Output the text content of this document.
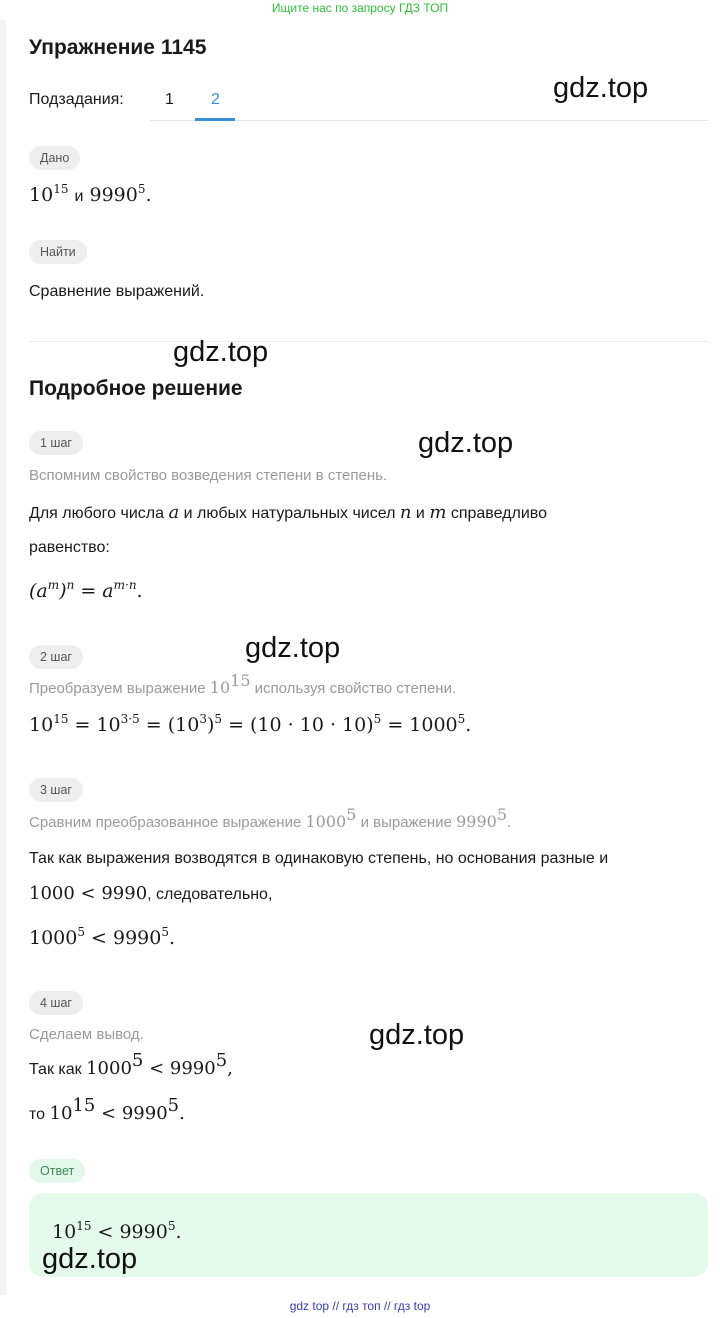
Ищите нас по запросу ГДЗ ТОП
Упражнение 1145
Подзадания:	1 2	gdz.top
Дано
$10^{15}$ и 9990$^5$.
Найти
Сравнение выражений.
gdz.top
Подробное решение
1 шаг	gdz.top
Вспомним свойство возведения степени в степень.
Для любого числа a и любых натуральных чисел n и m справедливо
равенство:
$(a^m)^n = a^{m\cdot n}$.
gdz.top
2 шаг
Преобразуем выражение $10^{15}$ используя свойство степени.
$10^{15} = 10^{3\cdot 5} = (10^3)^5 = (10 \cdot 10 \cdot 10)^5 = 1000^5$.
3 шаг
Сравним преобразованное выражение 1000$^5$ и выражение 9990$^5$.
Так как выражения возводятся в одинаковую степень, но основания разные и
1000 < 9990, следовательно,
$1000^5 < 9990^5$.
4 шаг
gdz.top
Сделаем вывод.
Так как $1000^5 < 9990^5$,
то $10^{15} < 9990^5$.
Ответ
$10^{15} < 9990^5$.
gdz.top
gdz top // гдз топ // гдз top
